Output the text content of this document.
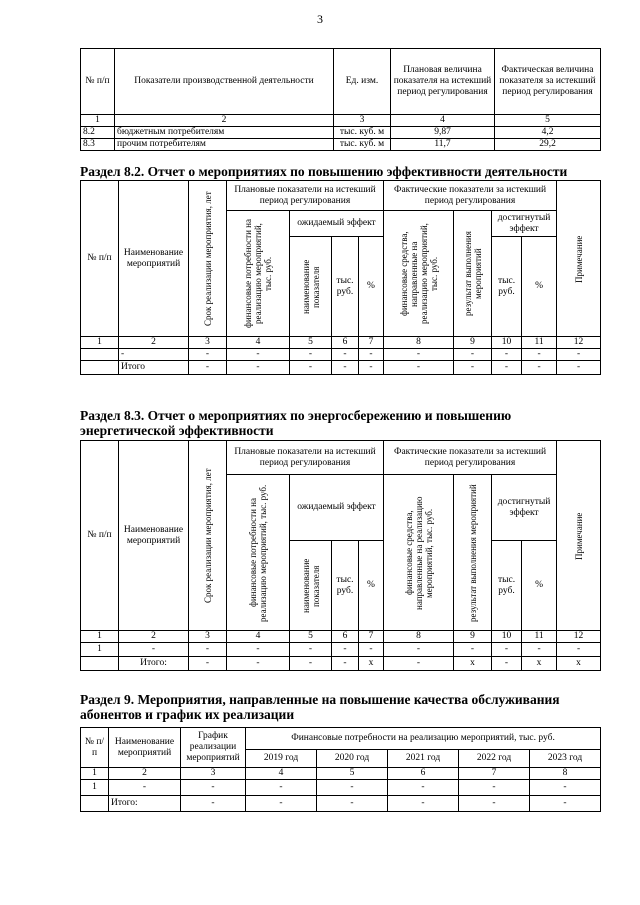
3
№ п/п	Показатели производственной деятельности	Ед. изм.	Плановая величина показателя на истекший период регулирования	Фактическая величина показателя за истекший период регулирования
1	2	3	4	5
8.2	бюджетным потребителям	тыс. куб. м	9,87	4,2
8.3	прочим потребителям	тыс. куб. м	11,7	29,2

Раздел 8.2. Отчет о мероприятиях по повышению эффективности деятельности

№ п/п	Наименование мероприятий	Срок реализации мероприятия, лет	Плановые показатели на истекший период регулирования				Фактические показатели за истекший период регулирования				Примечание

			финансовые потребности на реализацию мероприятий, тыс. руб.	ожидаемый эффект			финансовые средства, направленные на реализацию мероприятий, тыс. руб.	результат выполнения мероприятий	достигнутый эффект		

				наименование показателя	тыс. руб.	%			тыс. руб.	%	
1	2	3	4	5	6	7	8	9	10	11	12
	-	-	-	-	-	-	-	-	-	-	-
	Итого	-	-	-	-	-	-	-	-	-	-

Раздел 8.3. Отчет о мероприятиях по энергосбережению и повышению энергетической эффективности

№ п/п	Наименование мероприятий	Срок реализации мероприятия, лет	Плановые показатели на истекший период регулирования				Фактические показатели за истекший период регулирования				Примечание

			финансовые потребности на реализацию мероприятий, тыс. руб.	ожидаемый эффект			финансовые средства, направленные на реализацию мероприятий, тыс. руб.	результат выполнения мероприятий	достигнутый эффект		

				наименование показателя	тыс. руб.	%			тыс. руб.	%	
1	2	3	4	5	6	7	8	9	10	11	12
1	-	-	-	-	-	-	-	-	-	-	-
	Итого:	-	-	-	-	x	-	x	-	x	x

Раздел 9. Мероприятия, направленные на повышение качества обслуживания абонентов и график их реализации

№ п/п	Наименование мероприятий	График реализации мероприятий	Финансовые потребности на реализацию мероприятий, тыс. руб.				
			2019 год	2020 год	2021 год	2022 год	2023 год
1	2	3	4	5	6	7	8
1	-	-	-	-	-	-	-
	Итого:	-	-	-	-	-	-
